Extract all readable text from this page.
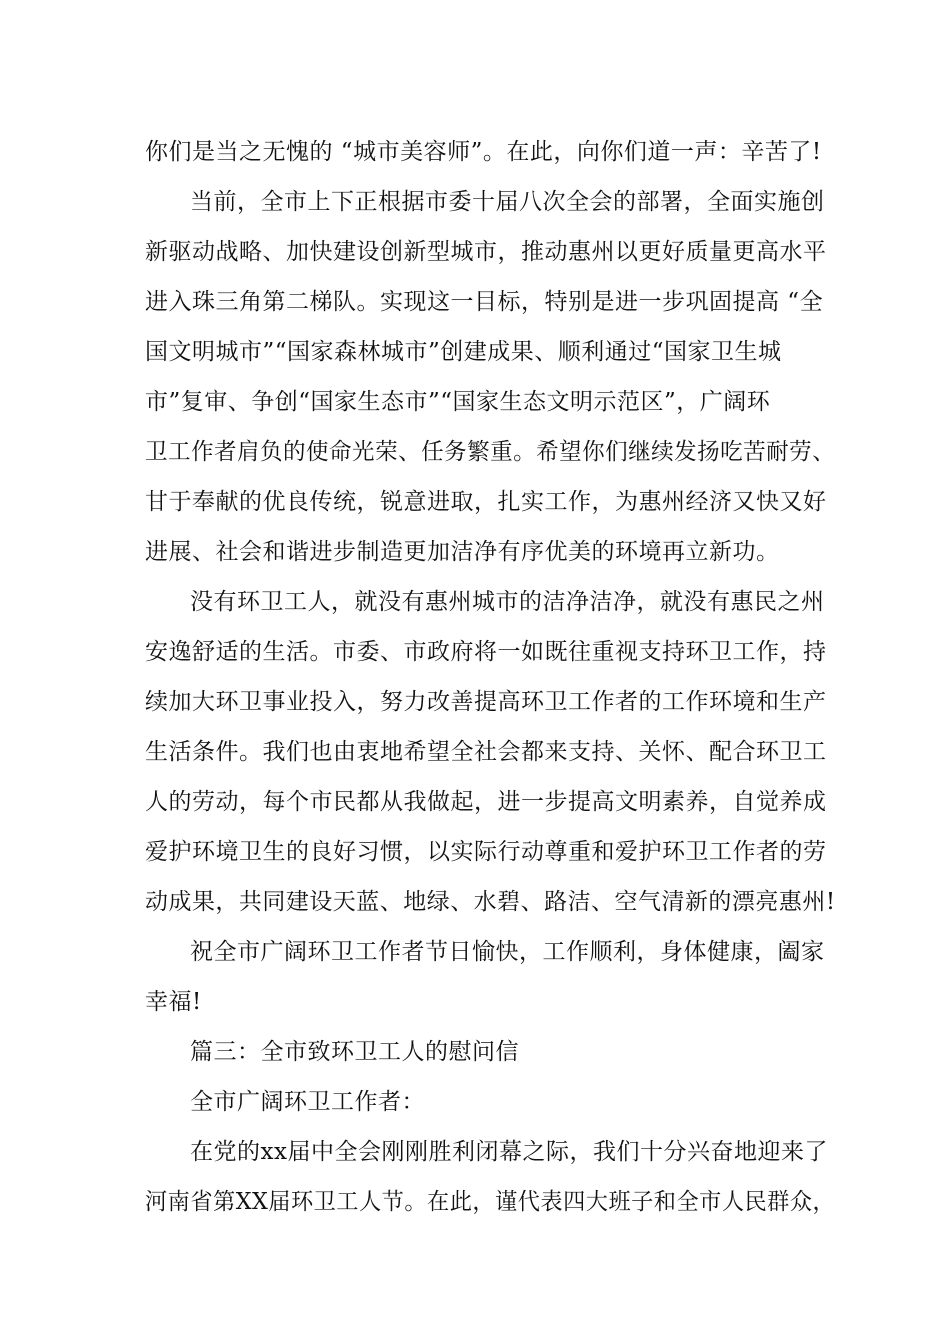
你们是当之无愧的 “城市美容师”。在此，向你们道一声：辛苦了!
当前，全市上下正根据市委十届八次全会的部署，全面实施创
新驱动战略、加快建设创新型城市，推动惠州以更好质量更高水平
进入珠三角第二梯队。实现这一目标，特别是进一步巩固提高 “全
国文明城市”“国家森林城市”创建成果、顺利通过“国家卫生城
市”复审、争创“国家生态市”“国家生态文明示范区”，广阔环
卫工作者肩负的使命光荣、任务繁重。希望你们继续发扬吃苦耐劳、
甘于奉献的优良传统，锐意进取，扎实工作，为惠州经济又快又好
进展、社会和谐进步制造更加洁净有序优美的环境再立新功。
没有环卫工人，就没有惠州城市的洁净洁净，就没有惠民之州
安逸舒适的生活。市委、市政府将一如既往重视支持环卫工作，持
续加大环卫事业投入，努力改善提高环卫工作者的工作环境和生产
生活条件。我们也由衷地希望全社会都来支持、关怀、配合环卫工
人的劳动，每个市民都从我做起，进一步提高文明素养，自觉养成
爱护环境卫生的良好习惯，以实际行动尊重和爱护环卫工作者的劳
动成果，共同建设天蓝、地绿、水碧、路洁、空气清新的漂亮惠州!
祝全市广阔环卫工作者节日愉快，工作顺利，身体健康，阖家
幸福!
篇三：全市致环卫工人的慰问信
全市广阔环卫工作者：
在党的xx届中全会刚刚胜利闭幕之际，我们十分兴奋地迎来了
河南省第XX届环卫工人节。在此，谨代表四大班子和全市人民群众，
